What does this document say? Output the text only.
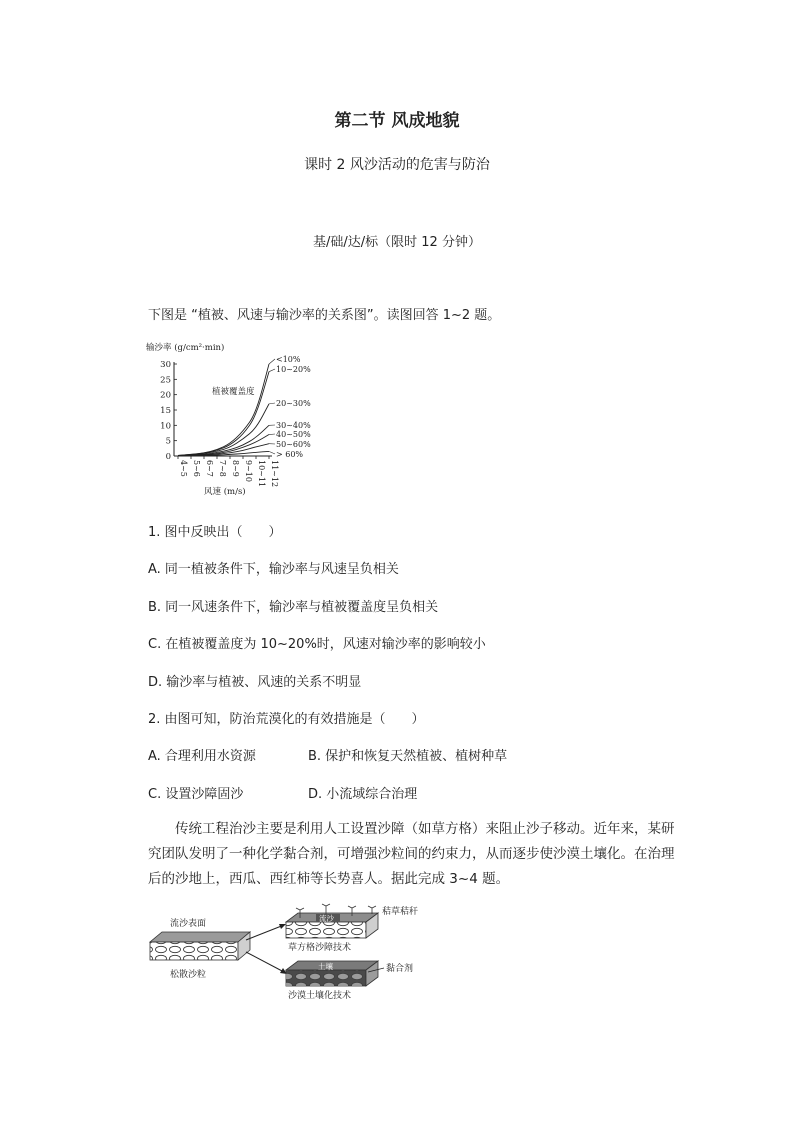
第二节 风成地貌
课时 2 风沙活动的危害与防治
基/础/达/标（限时 12 分钟）
下图是 “植被、风速与输沙率的关系图”。读图回答 1~2 题。
输沙率 (g/cm²·min)
0
5
10
15
20
25
30
4~5 5~6 6~7 7~8 8~9 9~10 10~11 11~12
<10%
10~20%
20~30%
30~40%
40~50%
50~60%
> 60%
植被覆盖度
风速 (m/s)
1. 图中反映出（　　）
A. 同一植被条件下，输沙率与风速呈负相关
B. 同一风速条件下，输沙率与植被覆盖度呈负相关
C. 在植被覆盖度为 10~20%时，风速对输沙率的影响较小
D. 输沙率与植被、风速的关系不明显
2. 由图可知，防治荒漠化的有效措施是（　　）
A. 合理利用水资源	B. 保护和恢复天然植被、植树种草
C. 设置沙障固沙	D. 小流域综合治理
传统工程治沙主要是利用人工设置沙障（如草方格）来阻止沙子移动。近年来，某研究团队发明了一种化学黏合剂，可增强沙粒间的约束力，从而逐步使沙漠土壤化。在治理后的沙地上，西瓜、西红柿等长势喜人。据此完成 3~4 题。
流沙表面
松散沙粒
流沙
秸草秸秆
草方格沙障技术
土壤	黏合剂
沙漠土壤化技术
